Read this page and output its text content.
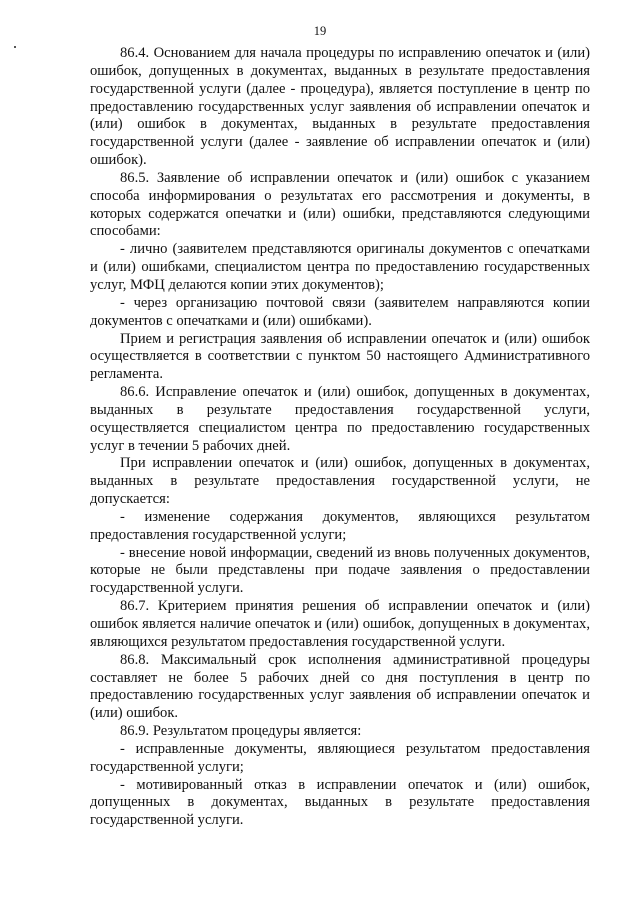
19

86.4. Основанием для начала процедуры по исправлению опечаток и (или) ошибок, допущенных в документах, выданных в результате предоставления государственной услуги (далее - процедура), является поступление в центр по предоставлению государственных услуг заявления об исправлении опечаток и (или) ошибок в документах, выданных в результате предоставления государственной услуги (далее - заявление об исправлении опечаток и (или) ошибок).

86.5. Заявление об исправлении опечаток и (или) ошибок с указанием способа информирования о результатах его рассмотрения и документы, в которых содержатся опечатки и (или) ошибки, представляются следующими способами:

- лично (заявителем представляются оригиналы документов с опечатками и (или) ошибками, специалистом центра по предоставлению государственных услуг, МФЦ делаются копии этих документов);

- через организацию почтовой связи (заявителем направляются копии документов с опечатками и (или) ошибками).

Прием и регистрация заявления об исправлении опечаток и (или) ошибок осуществляется в соответствии с пунктом 50 настоящего Административного регламента.

86.6. Исправление опечаток и (или) ошибок, допущенных в документах, выданных в результате предоставления государственной услуги, осуществляется специалистом центра по предоставлению государственных услуг в течении 5 рабочих дней.

При исправлении опечаток и (или) ошибок, допущенных в документах, выданных в результате предоставления государственной услуги, не допускается:

- изменение содержания документов, являющихся результатом предоставления государственной услуги;

- внесение новой информации, сведений из вновь полученных документов, которые не были представлены при подаче заявления о предоставлении государственной услуги.

86.7. Критерием принятия решения об исправлении опечаток и (или) ошибок является наличие опечаток и (или) ошибок, допущенных в документах, являющихся результатом предоставления государственной услуги.

86.8. Максимальный срок исполнения административной процедуры составляет не более 5 рабочих дней со дня поступления в центр по предоставлению государственных услуг заявления об исправлении опечаток и (или) ошибок.

86.9. Результатом процедуры является:

- исправленные документы, являющиеся результатом предоставления государственной услуги;

- мотивированный отказ в исправлении опечаток и (или) ошибок, допущенных в документах, выданных в результате предоставления государственной услуги.
